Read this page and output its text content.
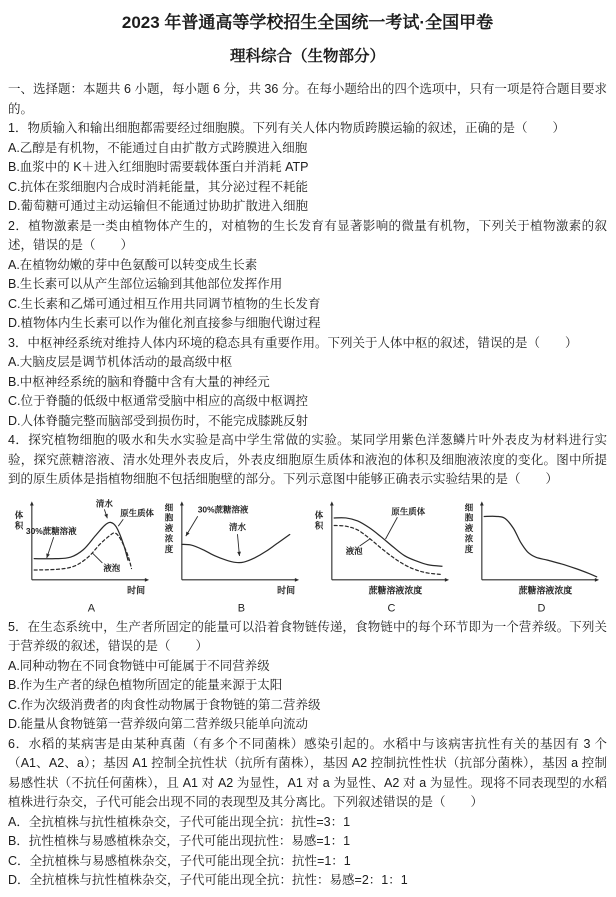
2023 年普通高等学校招生全国统一考试·全国甲卷
理科综合（生物部分）

一、选择题：本题共 6 小题，每小题 6 分，共 36 分。在每小题给出的四个选项中，只有一项是符合题目要求的。

1．物质输入和输出细胞都需要经过细胞膜。下列有关人体内物质跨膜运输的叙述，正确的是（　　）

A.乙醇是有机物，不能通过自由扩散方式跨膜进入细胞
B.血浆中的 K＋进入红细胞时需要载体蛋白并消耗 ATP
C.抗体在浆细胞内合成时消耗能量，其分泌过程不耗能
D.葡萄糖可通过主动运输但不能通过协助扩散进入细胞

2．植物激素是一类由植物体产生的，对植物的生长发育有显著影响的微量有机物，下列关于植物激素的叙述，错误的是（　　）

A.在植物幼嫩的芽中色氨酸可以转变成生长素
B.生长素可以从产生部位运输到其他部位发挥作用
C.生长素和乙烯可通过相互作用共同调节植物的生长发育
D.植物体内生长素可以作为催化剂直接参与细胞代谢过程

3．中枢神经系统对维持人体内环境的稳态具有重要作用。下列关于人体中枢的叙述，错误的是（　　）

A.大脑皮层是调节机体活动的最高级中枢
B.中枢神经系统的脑和脊髓中含有大量的神经元
C.位于脊髓的低级中枢通常受脑中相应的高级中枢调控
D.人体脊髓完整而脑部受到损伤时，不能完成膝跳反射

4．探究植物细胞的吸水和失水实验是高中学生常做的实验。某同学用紫色洋葱鳞片叶外表皮为材料进行实验，探究蔗糖溶液、清水处理外表皮后，外表皮细胞原生质体和液泡的体积及细胞液浓度的变化。图中所提到的原生质体是指植物细胞不包括细胞壁的部分。下列示意图中能够正确表示实验结果的是（　　）

体
积
时间
A
30%蔗糖溶液
清水
原生质体
液泡
细
胞
液
浓
度
时间
B
30%蔗糖溶液
清水
体
积
蔗糖溶液浓度
C
原生质体
液泡
细
胞
液
浓
度
蔗糖溶液浓度
D

5．在生态系统中，生产者所固定的能量可以沿着食物链传递，食物链中的每个环节即为一个营养级。下列关于营养级的叙述，错误的是（　　）

A.同种动物在不同食物链中可能属于不同营养级
B.作为生产者的绿色植物所固定的能量来源于太阳
C.作为次级消费者的肉食性动物属于食物链的第二营养级
D.能量从食物链第一营养级向第二营养级只能单向流动

6．水稻的某病害是由某种真菌（有多个不同菌株）感染引起的。水稻中与该病害抗性有关的基因有 3 个（A1、A2、a）；基因 A1 控制全抗性状（抗所有菌株），基因 A2 控制抗性性状（抗部分菌株），基因 a 控制易感性状（不抗任何菌株），且 A1 对 A2 为显性，A1 对 a 为显性、A2 对 a 为显性。现将不同表现型的水稻植株进行杂交，子代可能会出现不同的表现型及其分离比。下列叙述错误的是（　　）

A．全抗植株与抗性植株杂交，子代可能出现全抗：抗性=3：1
B．抗性植株与易感植株杂交，子代可能出现抗性：易感=1：1
C．全抗植株与易感植株杂交，子代可能出现全抗：抗性=1：1
D．全抗植株与抗性植株杂交，子代可能出现全抗：抗性：易感=2：1：1
